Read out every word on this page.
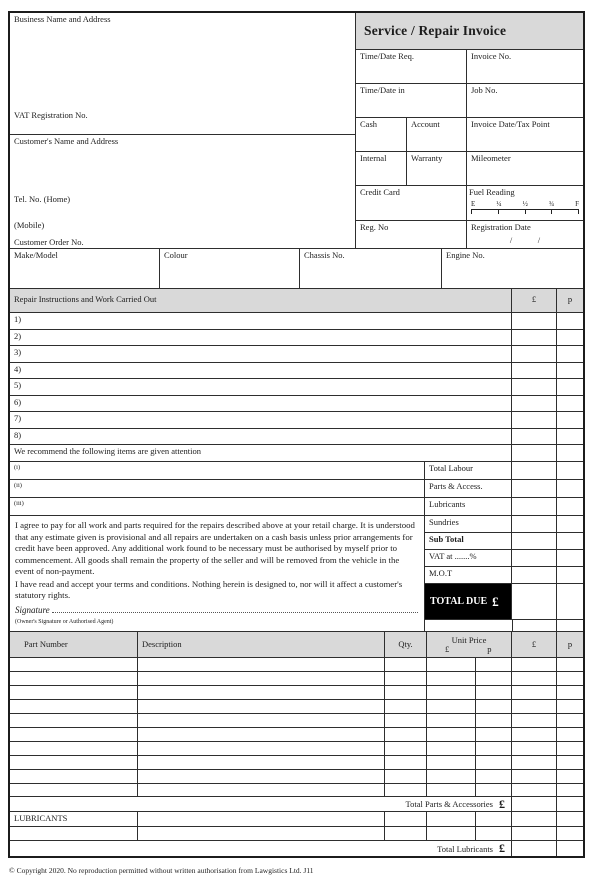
Business Name and Address
VAT Registration No.
Customer's Name and Address
Tel. No. (Home)
(Mobile)
Customer Order No.
Service / Repair Invoice
Time/Date Req.	Invoice No.
Time/Date in	Job No.
Cash	Account	Invoice Date/Tax Point
Internal	Warranty	Mileometer
Credit Card	Fuel Reading
E	¼	½	¾	F
Reg. No	Registration Date
/            /
Make/Model	Colour	Chassis No.	Engine No.
Repair Instructions and Work Carried Out	£	p
1)
2)
3)
4)
5)
6)
7)
8)
We recommend the following items are given attention
(i)	Total Labour
(ii)	Parts & Access.
(iii)	Lubricants

I agree to pay for all work and parts required for the repairs described above at your retail charge. It is understood that any estimate given is provisional and all repairs are undertaken on a cash basis unless prior arrangements for credit have been approved. Any additional work found to be necessary must be authorised by myself prior to commencement. All goods shall remain the property of the seller and will be removed from the vehicle in the event of non-payment.

I have read and accept your terms and conditions. Nothing herein is designed to, nor will it affect a customer's statutory rights.

Signature
(Owner's Signature or Authorised Agent)
Sundries
Sub Total
VAT at .......%
M.O.T
TOTAL DUE £
Part Number	Description	Qty.	Unit Price
£	p
£	p
Total Parts & Accessories £
LUBRICANTS
Total Lubricants £
© Copyright 2020. No reproduction permitted without written authorisation from Lawgistics Ltd. J11
